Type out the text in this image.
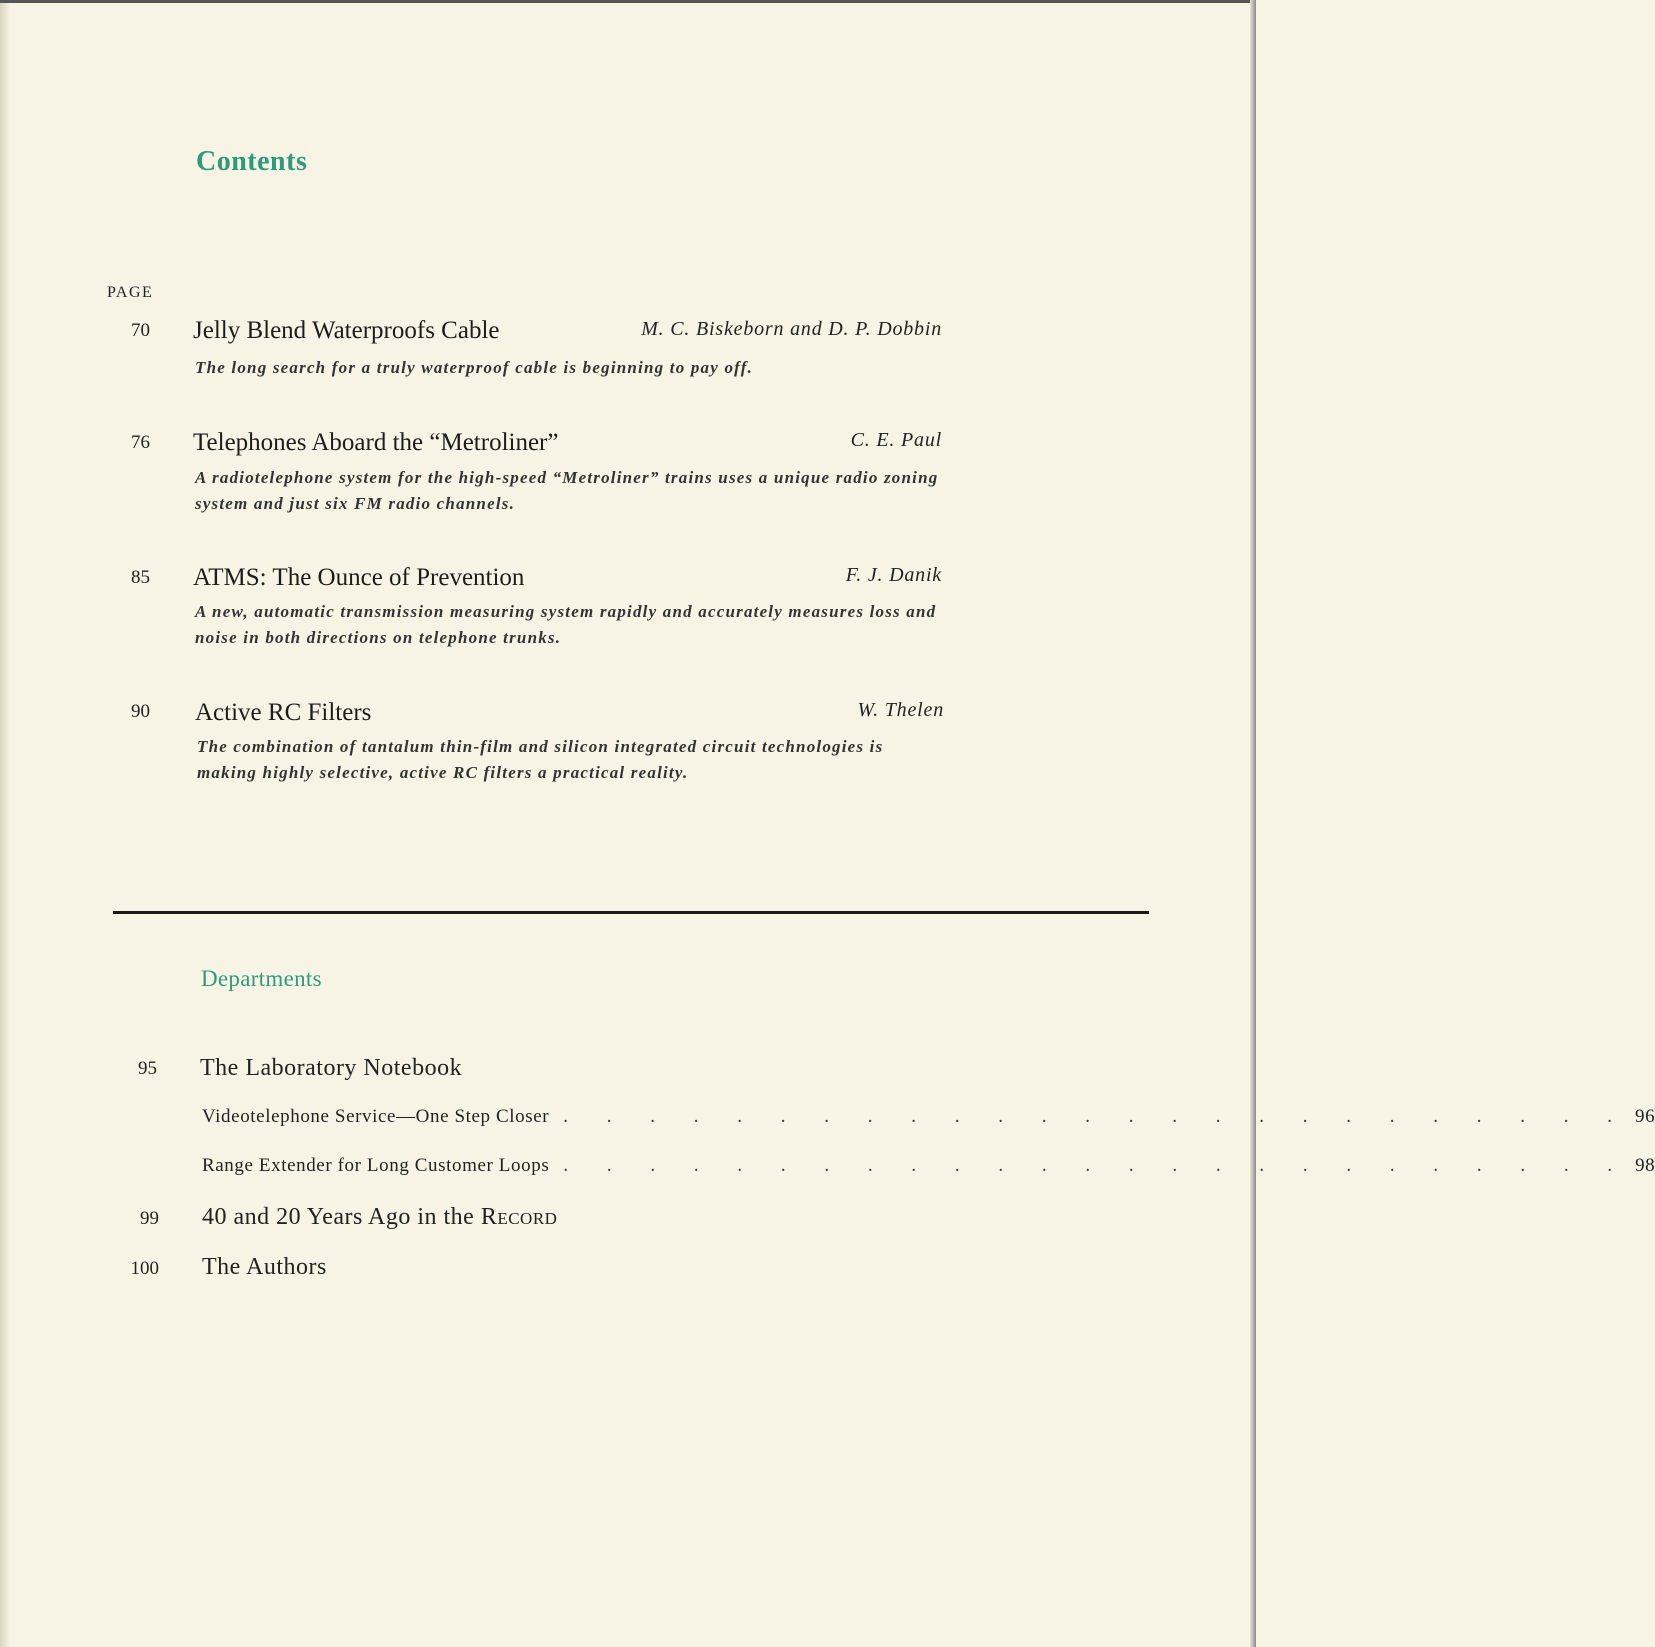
Contents
PAGE
70 Jelly Blend Waterproofs Cable	M. C. Biskeborn and D. P. Dobbin
The long search for a truly waterproof cable is beginning to pay off.
76 Telephones Aboard the “Metroliner”	C. E. Paul
A radiotelephone system for the high-speed “Metroliner” trains uses a unique radio zoning system and just six FM radio channels.
85 ATMS: The Ounce of Prevention	F. J. Danik
A new, automatic transmission measuring system rapidly and accurately measures loss and noise in both directions on telephone trunks.
90 Active RC Filters	W. Thelen
The combination of tantalum thin-film and silicon integrated circuit technologies is making highly selective, active RC filters a practical reality.
Departments
95 The Laboratory Notebook
Videotelephone Service—One Step Closer . . . . . . . . . . . . . . . . . . . . . . . . . 96
Range Extender for Long Customer Loops . . . . . . . . . . . . . . . . . . . . . . . . . 98
99 40 and 20 Years Ago in the Record
100 The Authors
